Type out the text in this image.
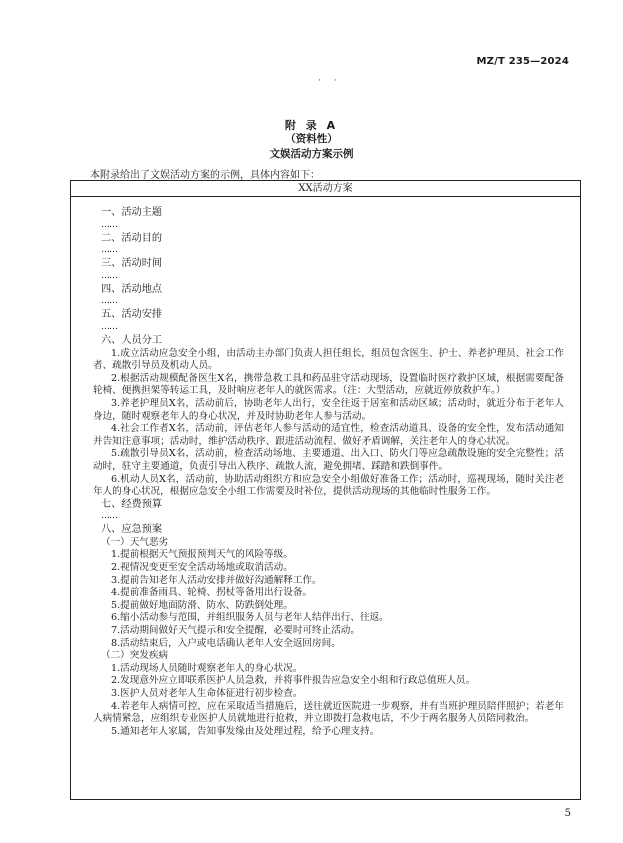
MZ/T 235—2024
· ·
附 录 A
（资料性）
文娱活动方案示例
本附录给出了文娱活动方案的示例，具体内容如下：
XX活动方案
一、活动主题
……
二、活动目的
……
三、活动时间
……
四、活动地点
……
五、活动安排
……
六、人员分工
1.成立活动应急安全小组，由活动主办部门负责人担任组长，组员包含医生、护士、养老护理员、社会工作者、疏散引导员及机动人员。
2.根据活动规模配备医生X名，携带急救工具和药品驻守活动现场，设置临时医疗救护区域，根据需要配备轮椅、便携担架等转运工具，及时响应老年人的就医需求。（注：大型活动，应就近停放救护车。）
3.养老护理员X名，活动前后，协助老年人出行，安全往返于居室和活动区域；活动时，就近分布于老年人身边，随时观察老年人的身心状况，并及时协助老年人参与活动。
4.社会工作者X名，活动前，评估老年人参与活动的适宜性，检查活动道具、设备的安全性，发布活动通知并告知注意事项；活动时，维护活动秩序、跟进活动流程、做好矛盾调解，关注老年人的身心状况。
5.疏散引导员X名，活动前，检查活动场地、主要通道、出入口、防火门等应急疏散设施的安全完整性；活动时，驻守主要通道，负责引导出入秩序、疏散人流，避免拥堵、踩踏和跌倒事件。
6.机动人员X名，活动前，协助活动组织方和应急安全小组做好准备工作；活动时，巡视现场，随时关注老年人的身心状况，根据应急安全小组工作需要及时补位，提供活动现场的其他临时性服务工作。
七、经费预算
……
八、应急预案
（一）天气恶劣
1.提前根据天气预报预判天气的风险等级。
2.视情况变更至安全活动场地或取消活动。
3.提前告知老年人活动安排并做好沟通解释工作。
4.提前准备雨具、轮椅、拐杖等备用出行设备。
5.提前做好地面防滑、防水、防跌倒处理。
6.缩小活动参与范围，并组织服务人员与老年人结伴出行、往返。
7.活动期间做好天气提示和安全提醒，必要时可终止活动。
8.活动结束后，入户或电话确认老年人安全返回房间。
（二）突发疾病
1.活动现场人员随时观察老年人的身心状况。
2.发现意外应立即联系医护人员急救，并将事件报告应急安全小组和行政总值班人员。
3.医护人员对老年人生命体征进行初步检查。
4.若老年人病情可控，应在采取适当措施后，送往就近医院进一步观察，并有当班护理员陪伴照护；若老年人病情紧急，应组织专业医护人员就地进行抢救，并立即拨打急救电话，不少于两名服务人员陪同救治。
5.通知老年人家属，告知事发缘由及处理过程，给予心理支持。
5
